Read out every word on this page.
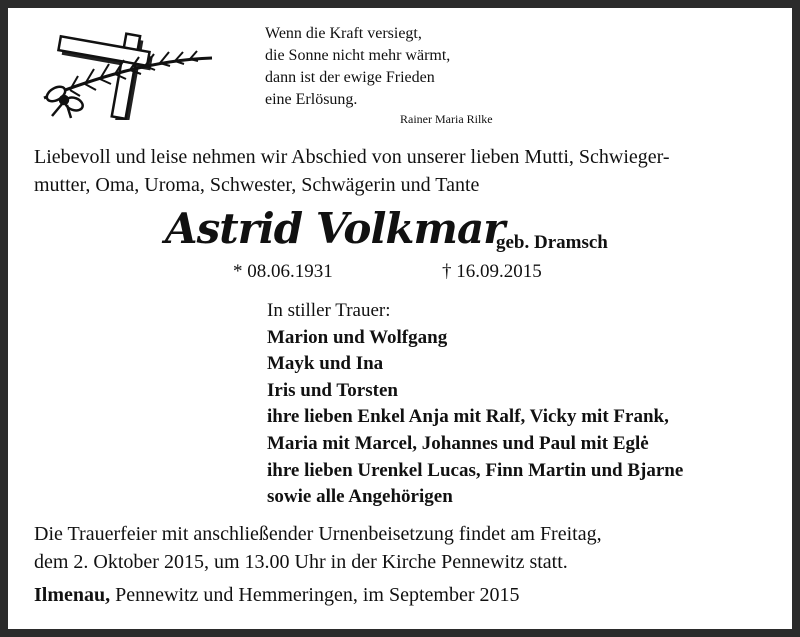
Wenn die Kraft versiegt,
die Sonne nicht mehr wärmt,
dann ist der ewige Frieden
eine Erlösung.
Rainer Maria Rilke
Liebevoll und leise nehmen wir Abschied von unserer lieben Mutti, Schwieger-
mutter, Oma, Uroma, Schwester, Schwägerin und Tante
Astrid Volkmar
geb. Dramsch
* 08.06.1931	† 16.09.2015
In stiller Trauer:
Marion und Wolfgang
Mayk und Ina
Iris und Torsten
ihre lieben Enkel Anja mit Ralf, Vicky mit Frank,
Maria mit Marcel, Johannes und Paul mit Eglė
ihre lieben Urenkel Lucas, Finn Martin und Bjarne
sowie alle Angehörigen
Die Trauerfeier mit anschließender Urnenbeisetzung findet am Freitag,
dem 2. Oktober 2015, um 13.00 Uhr in der Kirche Pennewitz statt.
Ilmenau, Pennewitz und Hemmeringen, im September 2015
